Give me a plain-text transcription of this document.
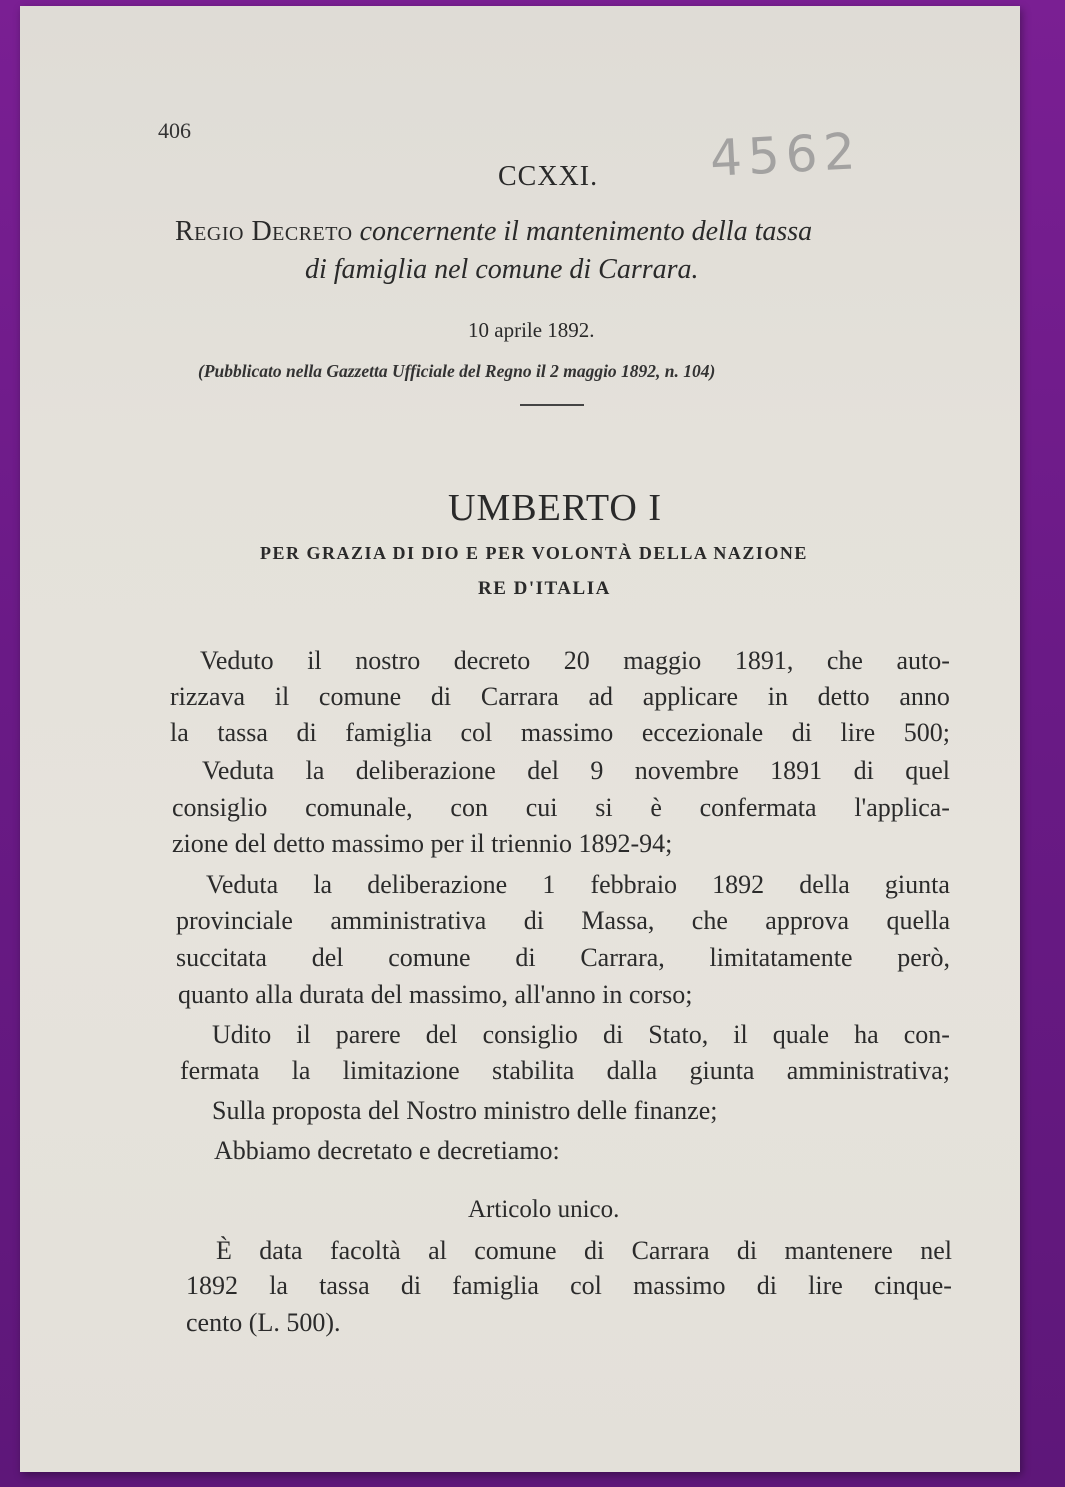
406	4562
CCXXI.
Regio Decreto concernente il mantenimento della tassa
di famiglia nel comune di Carrara.
10 aprile 1892.
(Pubblicato nella Gazzetta Ufficiale del Regno il 2 maggio 1892, n. 104)
UMBERTO I
PER GRAZIA DI DIO E PER VOLONTÀ DELLA NAZIONE
RE D'ITALIA
Veduto il nostro decreto 20 maggio 1891, che auto-
rizzava il comune di Carrara ad applicare in detto anno
la tassa di famiglia col massimo eccezionale di lire 500;
Veduta la deliberazione del 9 novembre 1891 di quel
consiglio comunale, con cui si è confermata l'applica-
zione del detto massimo per il triennio 1892-94;
Veduta la deliberazione 1 febbraio 1892 della giunta
provinciale amministrativa di Massa, che approva quella
succitata del comune di Carrara, limitatamente però,
quanto alla durata del massimo, all'anno in corso;
Udito il parere del consiglio di Stato, il quale ha con-
fermata la limitazione stabilita dalla giunta amministrativa;
Sulla proposta del Nostro ministro delle finanze;
Abbiamo decretato e decretiamo:
Articolo unico.
È data facoltà al comune di Carrara di mantenere nel
1892 la tassa di famiglia col massimo di lire cinque-
cento (L. 500).
